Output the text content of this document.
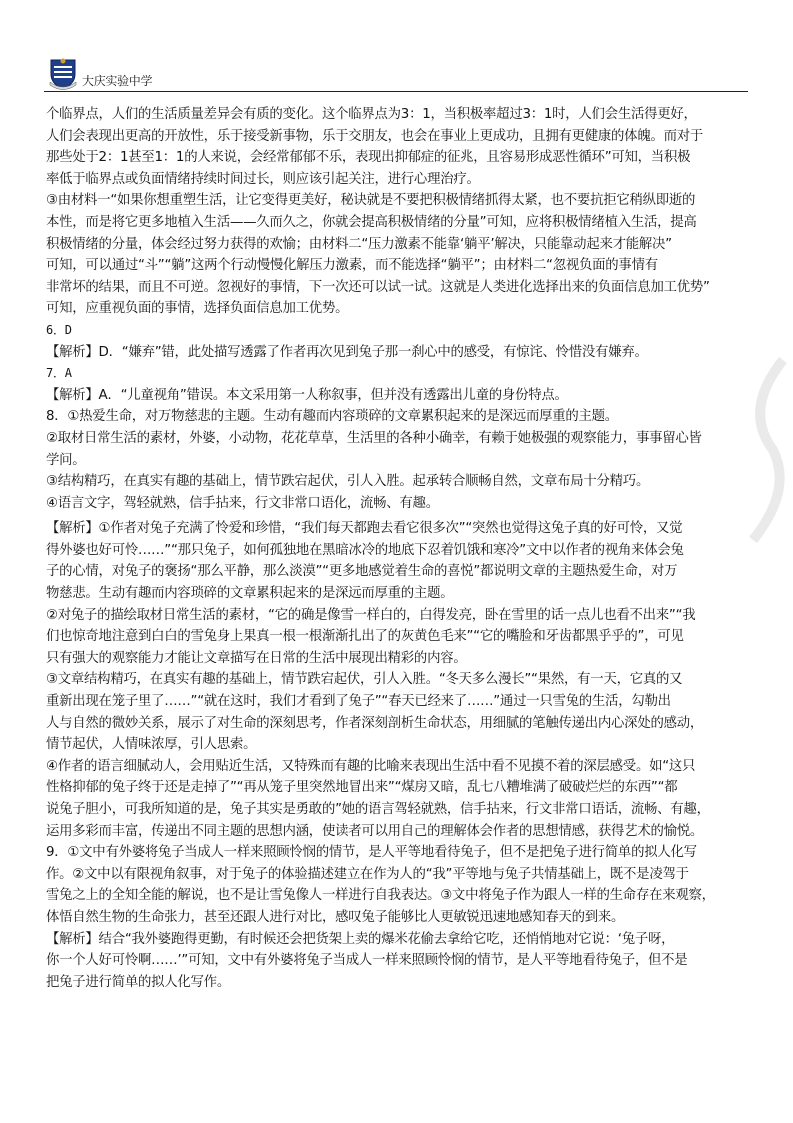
大庆实验中学

个临界点，人们的生活质量差异会有质的变化。这个临界点为3：1，当积极率超过3：1时，人们会生活得更好，

人们会表现出更高的开放性，乐于接受新事物，乐于交朋友，也会在事业上更成功，且拥有更健康的体魄。而对于

那些处于2：1甚至1：1的人来说，会经常郁郁不乐，表现出抑郁症的征兆，且容易形成恶性循环”可知，当积极

率低于临界点或负面情绪持续时间过长，则应该引起关注，进行心理治疗。

③由材料一“如果你想重塑生活，让它变得更美好，秘诀就是不要把积极情绪抓得太紧，也不要抗拒它稍纵即逝的

本性，而是将它更多地植入生活——久而久之，你就会提高积极情绪的分量”可知，应将积极情绪植入生活，提高

积极情绪的分量，体会经过努力获得的欢愉；由材料二“压力激素不能靠‘躺平’解决，只能靠动起来才能解决”

可知，可以通过“斗”“躺”这两个行动慢慢化解压力激素，而不能选择“躺平”；由材料二“忽视负面的事情有

非常坏的结果，而且不可逆。忽视好的事情，下一次还可以试一试。这就是人类进化选择出来的负面信息加工优势”

可知，应重视负面的事情，选择负面信息加工优势。

6．D

【解析】D．“嫌弃”错，此处描写透露了作者再次见到兔子那一刹心中的感受，有惊诧、怜惜没有嫌弃。

7．A

【解析】A．“儿童视角”错误。本文采用第一人称叙事，但并没有透露出儿童的身份特点。

8．①热爱生命，对万物慈悲的主题。生动有趣而内容琐碎的文章累积起来的是深远而厚重的主题。

②取材日常生活的素材，外婆，小动物，花花草草，生活里的各种小确幸，有赖于她极强的观察能力，事事留心皆

学问。

③结构精巧，在真实有趣的基础上，情节跌宕起伏，引人入胜。起承转合顺畅自然，文章布局十分精巧。

④语言文字，驾轻就熟，信手拈来，行文非常口语化，流畅、有趣。

【解析】①作者对兔子充满了怜爱和珍惜，“我们每天都跑去看它很多次”“突然也觉得这兔子真的好可怜，又觉

得外婆也好可怜……”“那只兔子，如何孤独地在黑暗冰冷的地底下忍着饥饿和寒冷”文中以作者的视角来体会兔

子的心情，对兔子的褒扬“那么平静，那么淡漠”“更多地感觉着生命的喜悦”都说明文章的主题热爱生命，对万

物慈悲。生动有趣而内容琐碎的文章累积起来的是深远而厚重的主题。

②对兔子的描绘取材日常生活的素材，“它的确是像雪一样白的，白得发亮，卧在雪里的话一点儿也看不出来”“我

们也惊奇地注意到白白的雪兔身上果真一根一根渐渐扎出了的灰黄色毛来”“它的嘴脸和牙齿都黑乎乎的”，可见

只有强大的观察能力才能让文章描写在日常的生活中展现出精彩的内容。

③文章结构精巧，在真实有趣的基础上，情节跌宕起伏，引人入胜。“冬天多么漫长”“果然，有一天，它真的又

重新出现在笼子里了……”“就在这时，我们才看到了兔子”“春天已经来了……”通过一只雪兔的生活，勾勒出

人与自然的微妙关系，展示了对生命的深刻思考，作者深刻剖析生命状态，用细腻的笔触传递出内心深处的感动，

情节起伏，人情味浓厚，引人思索。

④作者的语言细腻动人，会用贴近生活，又特殊而有趣的比喻来表现出生活中看不见摸不着的深层感受。如“这只

性格抑郁的兔子终于还是走掉了”“再从笼子里突然地冒出来”“煤房又暗，乱七八糟堆满了破破烂烂的东西”“都

说兔子胆小，可我所知道的是，兔子其实是勇敢的”她的语言驾轻就熟，信手拈来，行文非常口语话，流畅、有趣，

运用多彩而丰富，传递出不同主题的思想内涵，使读者可以用自己的理解体会作者的思想情感，获得艺术的愉悦。

9．①文中有外婆将兔子当成人一样来照顾怜悯的情节，是人平等地看待兔子，但不是把兔子进行简单的拟人化写

作。②文中以有限视角叙事，对于兔子的体验描述建立在作为人的“我”平等地与兔子共情基础上，既不是凌驾于

雪兔之上的全知全能的解说，也不是让雪兔像人一样进行自我表达。③文中将兔子作为跟人一样的生命存在来观察，

体悟自然生物的生命张力，甚至还跟人进行对比，感叹兔子能够比人更敏锐迅速地感知春天的到来。

【解析】结合“我外婆跑得更勤，有时候还会把货架上卖的爆米花偷去拿给它吃，还悄悄地对它说：‘兔子呀，

你一个人好可怜啊……’”可知，文中有外婆将兔子当成人一样来照顾怜悯的情节，是人平等地看待兔子，但不是

把兔子进行简单的拟人化写作。
